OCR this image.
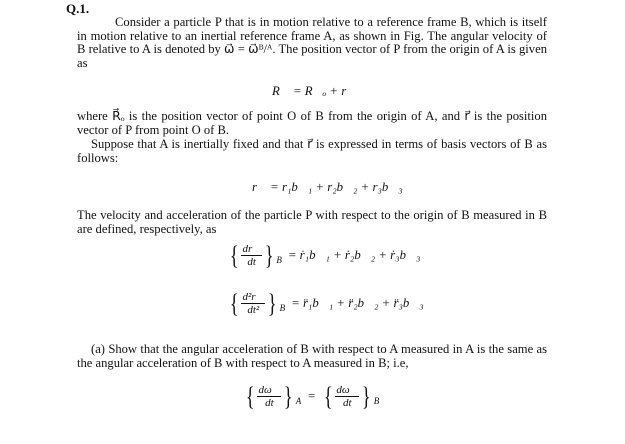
Q.1.

Consider a particle P that is in motion relative to a reference frame B, which is itself in motion relative to an inertial reference frame A, as shown in Fig. The angular velocity of B relative to A is denoted by ω⃗ = ω⃗ᴮ/ᴬ. The position vector of P from the origin of A is given as

R⃗ = R⃗ₒ + r⃗

where R⃗ₒ is the position vector of point O of B from the origin of A, and r⃗ is the position vector of P from point O of B.

Suppose that A is inertially fixed and that r⃗ is expressed in terms of basis vectors of B as follows:

r⃗ = r₁b⃗₁ + r₂b⃗₂ + r₃b⃗₃

The velocity and acceleration of the particle P with respect to the origin of B measured in B are defined, respectively, as

{ $\frac{dr⃗}{dt}$ } B = ṙ₁b⃗₁ + ṙ₂b⃗₂ + ṙ₃b⃗₃
{ $\frac{\text{d²r⃗}}{\text{dt²}}$ } B = r̈₁b⃗₁ + r̈₂b⃗₂ + r̈₃b⃗₃

(a) Show that the angular acceleration of B with respect to A measured in A is the same as the angular acceleration of B with respect to A measured in B; i.e,

{ $\frac{d\omega⃗}{dt}$ } A = { $\frac{d\omega⃗}{dt}$ } B
